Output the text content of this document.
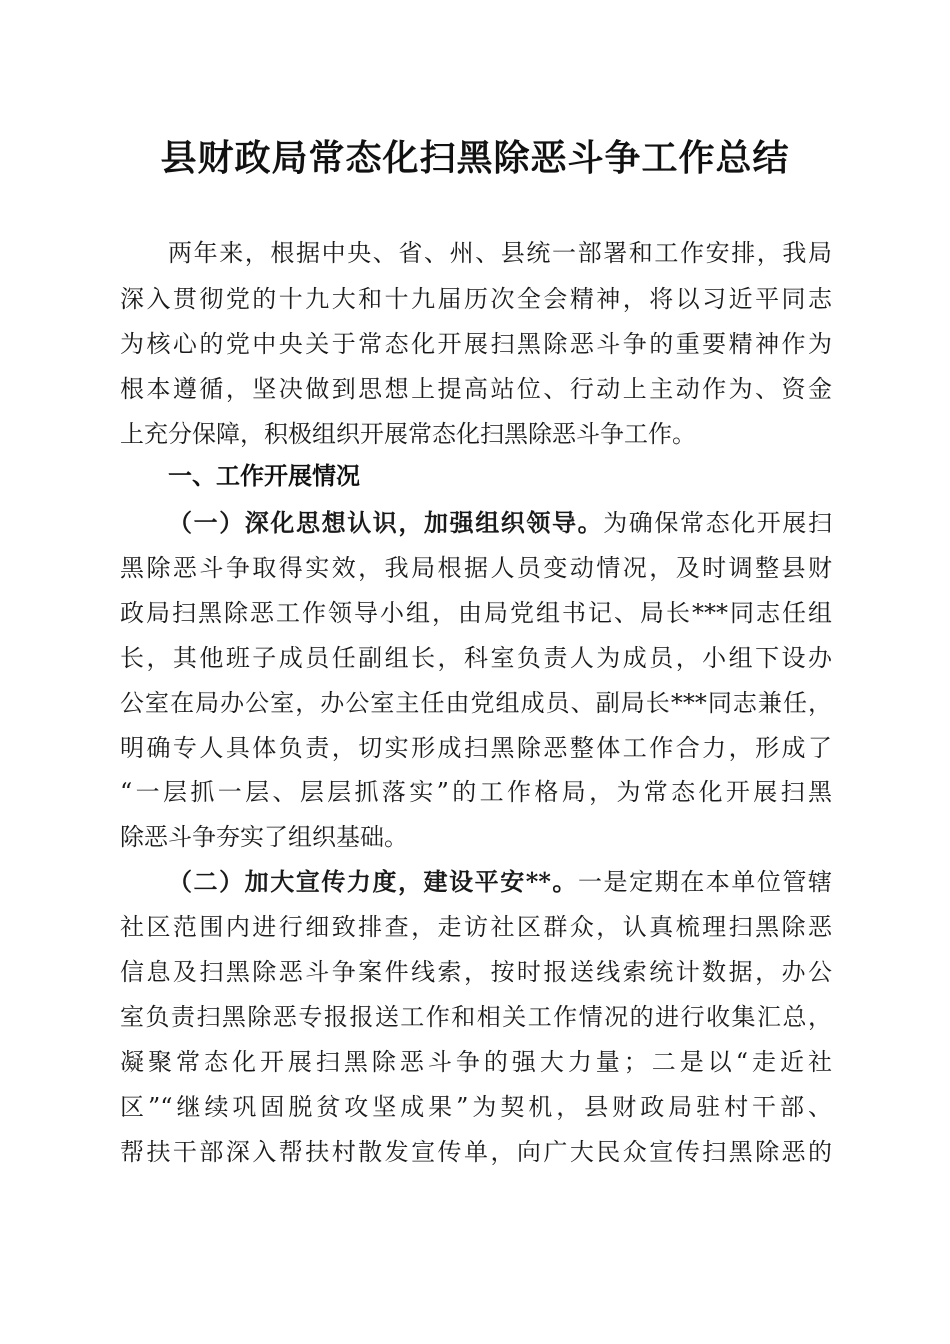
县财政局常态化扫黑除恶斗争工作总结

两年来，根据中央、省、州、县统一部署和工作安排，我局

深入贯彻党的十九大和十九届历次全会精神，将以习近平同志

为核心的党中央关于常态化开展扫黑除恶斗争的重要精神作为

根本遵循，坚决做到思想上提高站位、行动上主动作为、资金

上充分保障，积极组织开展常态化扫黑除恶斗争工作。

一、工作开展情况

（一）深化思想认识，加强组织领导。为确保常态化开展扫

黑除恶斗争取得实效，我局根据人员变动情况，及时调整县财

政局扫黑除恶工作领导小组，由局党组书记、局长***同志任组

长，其他班子成员任副组长，科室负责人为成员，小组下设办

公室在局办公室，办公室主任由党组成员、副局长***同志兼任，

明确专人具体负责，切实形成扫黑除恶整体工作合力，形成了

“一层抓一层、层层抓落实”的工作格局，为常态化开展扫黑

除恶斗争夯实了组织基础。

（二）加大宣传力度，建设平安**。一是定期在本单位管辖

社区范围内进行细致排查，走访社区群众，认真梳理扫黑除恶

信息及扫黑除恶斗争案件线索，按时报送线索统计数据，办公

室负责扫黑除恶专报报送工作和相关工作情况的进行收集汇总，

凝聚常态化开展扫黑除恶斗争的强大力量；二是以“走近社

区”“继续巩固脱贫攻坚成果”为契机，县财政局驻村干部、

帮扶干部深入帮扶村散发宣传单，向广大民众宣传扫黑除恶的
